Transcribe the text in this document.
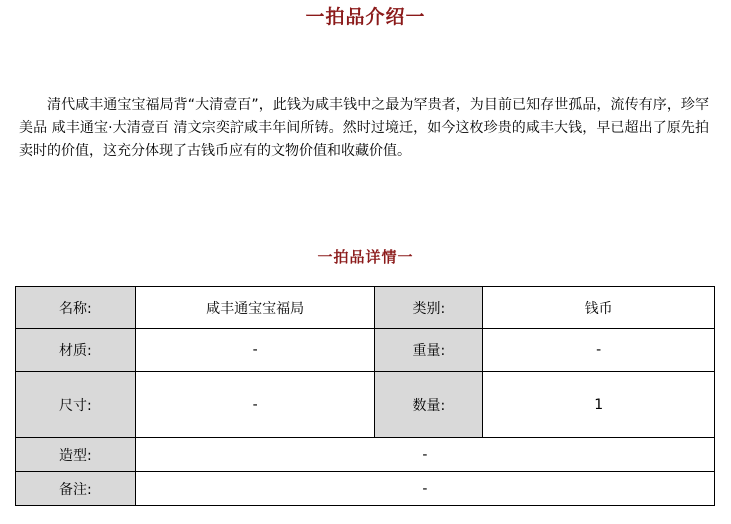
一拍品介绍一

清代咸丰通宝宝福局背“大清壹百”，此钱为咸丰钱中之最为罕贵者，为目前已知存世孤品，流传有序，珍罕美品 咸丰通宝·大清壹百 清文宗奕詝咸丰年间所铸。然时过境迁，如今这枚珍贵的咸丰大钱，早已超出了原先拍卖时的价值，这充分体现了古钱币应有的文物价值和收藏价值。

一拍品详情一
名称:	咸丰通宝宝福局	类别:	钱币
材质:	-	重量:	-
尺寸:	-	数量:	1
造型:	-		
备注:	-		
